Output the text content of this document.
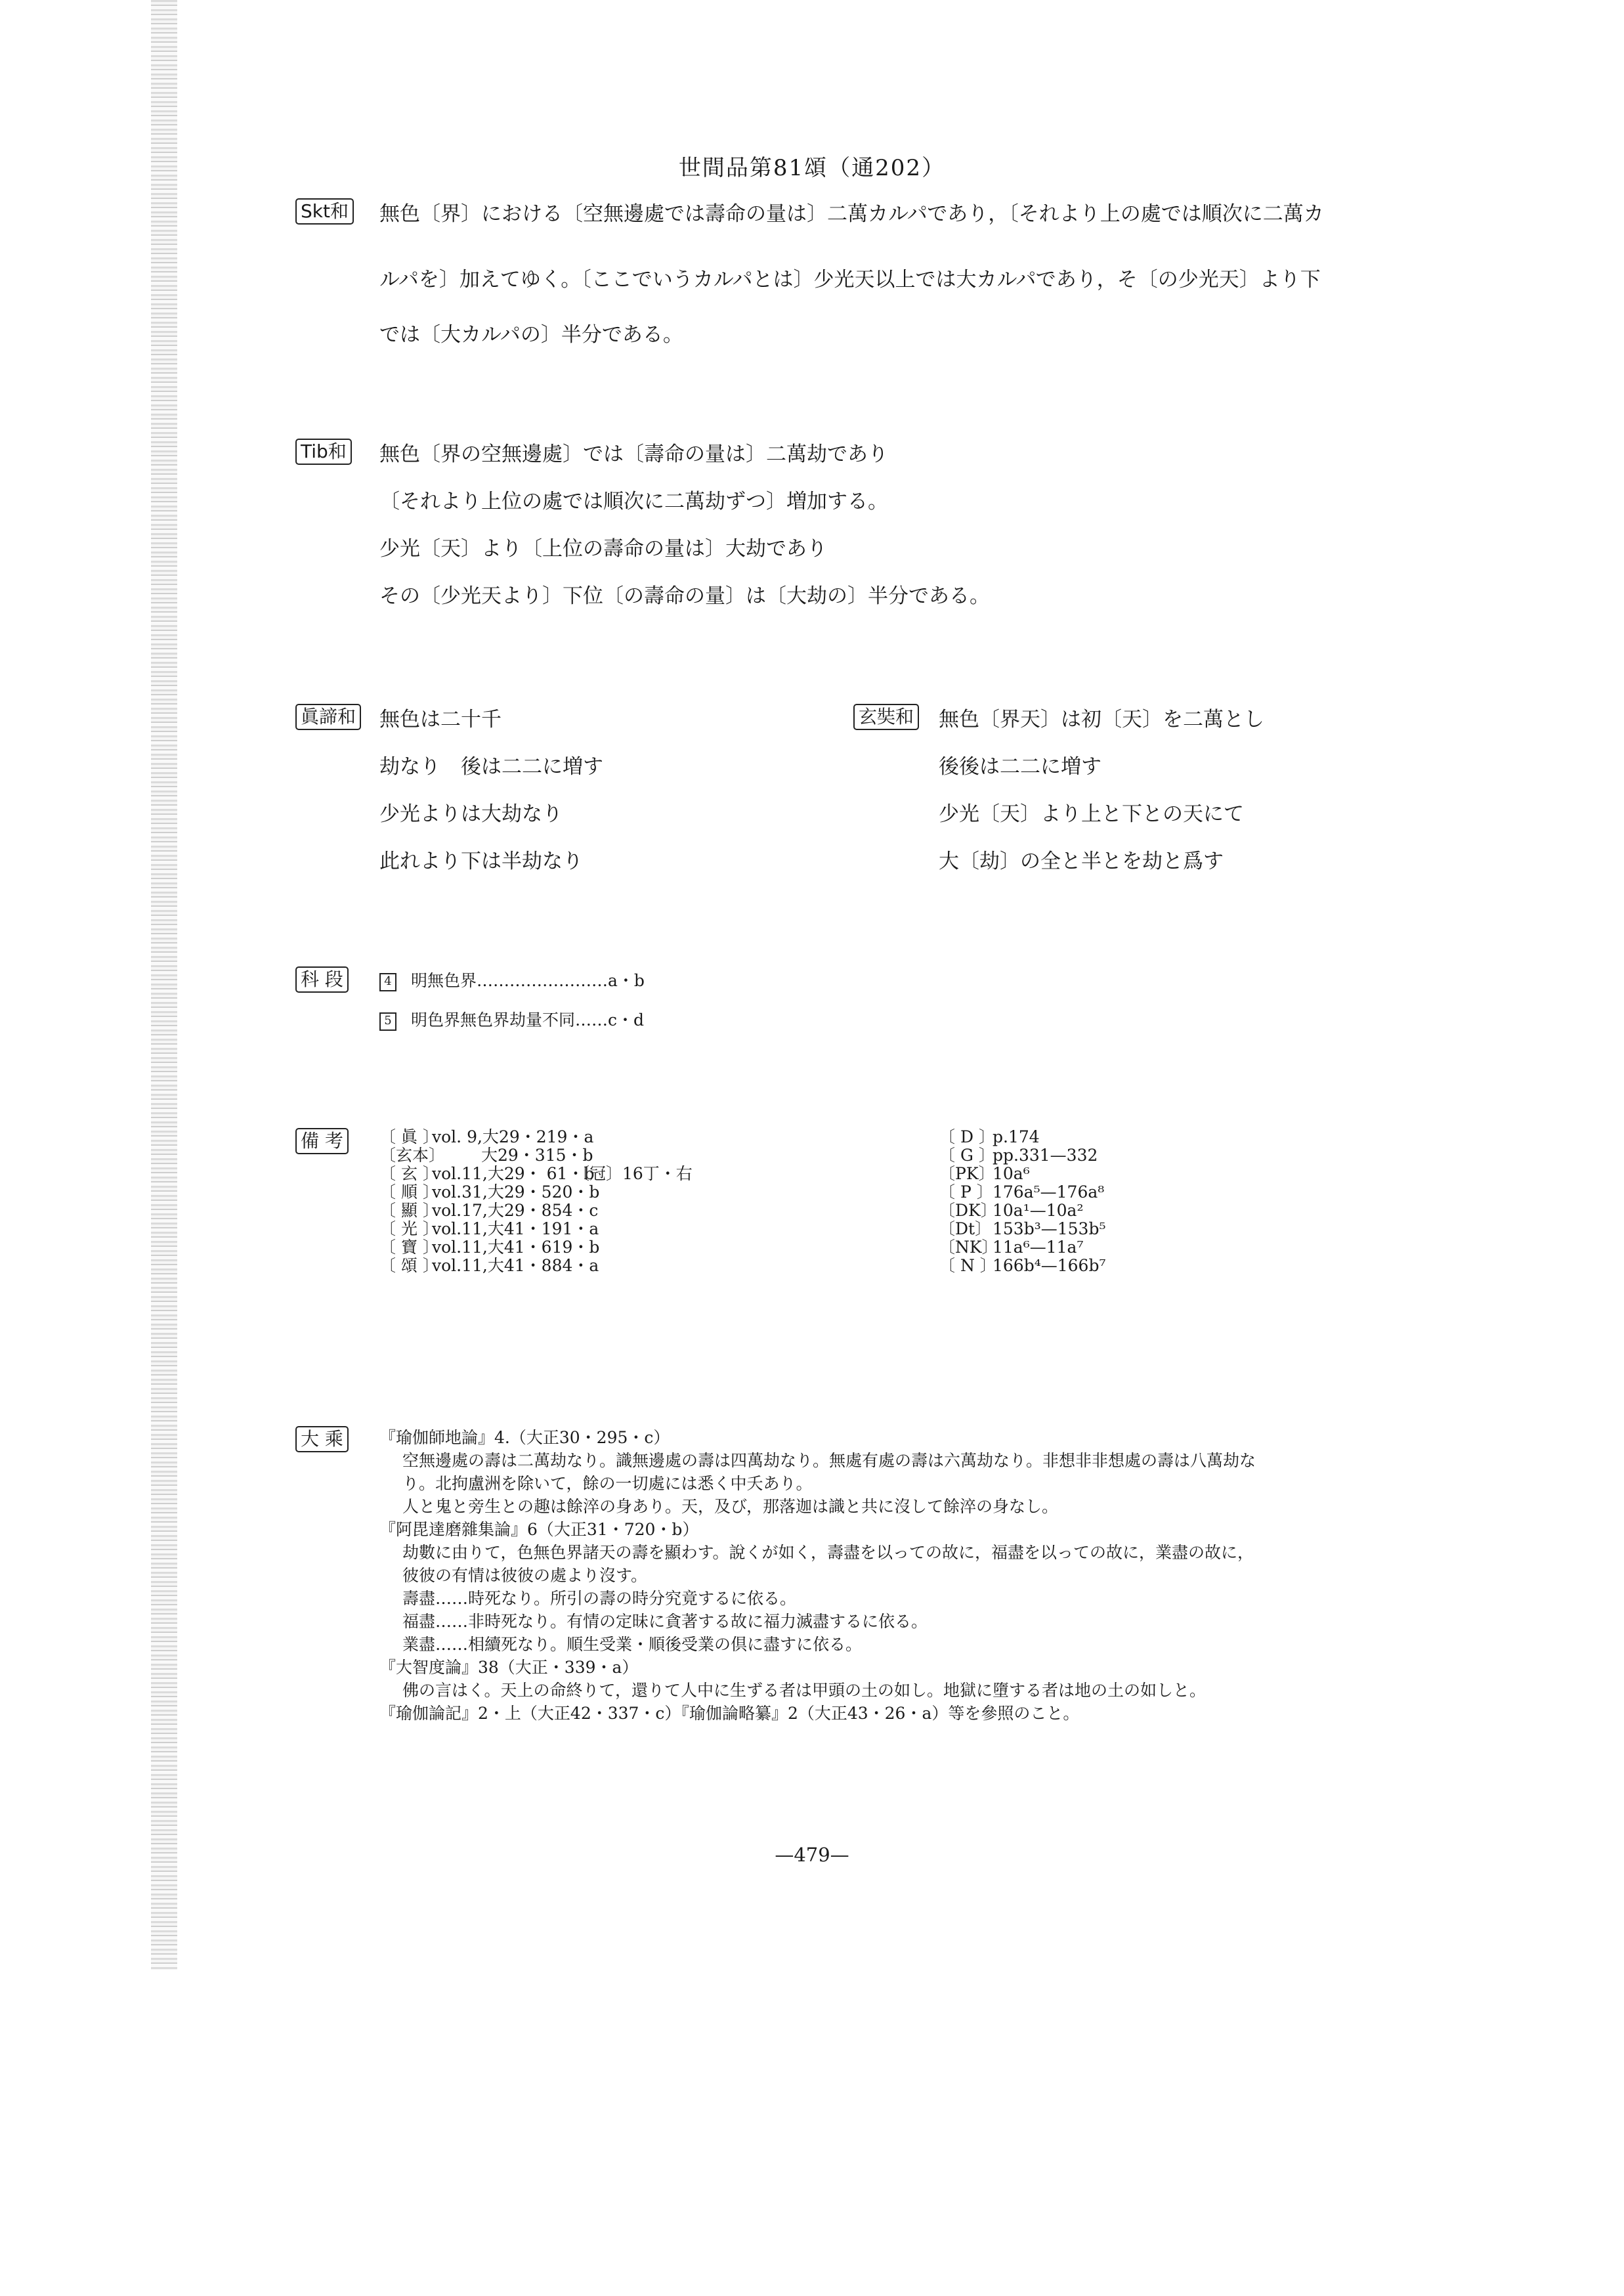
世間品第81頌（通202）
Skt和 無色〔界〕における〔空無邊處では壽命の量は〕二萬カルパであり，〔それより上の處では順次に二萬カ
ルパを〕加えてゆく。〔ここでいうカルパとは〕少光天以上では大カルパであり，そ〔の少光天〕より下
では〔大カルパの〕半分である。
Tib和 無色〔界の空無邊處〕では〔壽命の量は〕二萬劫であり
〔それより上位の處では順次に二萬劫ずつ〕増加する。
少光〔天〕より〔上位の壽命の量は〕大劫であり
その〔少光天より〕下位〔の壽命の量〕は〔大劫の〕半分である。
眞諦和 無色は二十千
劫なり　後は二二に増す
少光よりは大劫なり
此れより下は半劫なり
玄奘和 無色〔界天〕は初〔天〕を二萬とし
後後は二二に増す
少光〔天〕より上と下との天にて
大〔劫〕の全と半とを劫と爲す
科 段	4 明無色界……………………a・b
5 明色界無色界劫量不同……c・d
備 考	〔 眞 〕vol. 9,大29・219・a
〔玄本〕　　　大29・315・b
〔 玄 〕vol.11,大29・ 61・b〔冠〕16丁・右
〔 順 〕vol.31,大29・520・b
〔 顯 〕vol.17,大29・854・c
〔 光 〕vol.11,大41・191・a
〔 寶 〕vol.11,大41・619・b
〔 頌 〕vol.11,大41・884・a
〔 D 〕p.174
〔 G 〕pp.331—332
〔PK〕10a⁶
〔 P 〕176a⁵—176a⁸
〔DK〕10a¹—10a²
〔Dt〕153b³—153b⁵
〔NK〕11a⁶—11a⁷
〔 N 〕166b⁴—166b⁷
大 乘	『瑜伽師地論』4.（大正30・295・c）
空無邊處の壽は二萬劫なり。識無邊處の壽は四萬劫なり。無處有處の壽は六萬劫なり。非想非非想處の壽は八萬劫な
り。北拘盧洲を除いて，餘の一切處には悉く中夭あり。
人と鬼と旁生との趣は餘淬の身あり。天，及び，那落迦は識と共に沒して餘淬の身なし。
『阿毘達磨雜集論』6（大正31・720・b）
劫數に由りて，色無色界諸天の壽を顯わす。說くが如く，壽盡を以っての故に，福盡を以っての故に，業盡の故に，
彼彼の有情は彼彼の處より沒す。
壽盡……時死なり。所引の壽の時分究竟するに依る。
福盡……非時死なり。有情の定昧に貪著する故に福力滅盡するに依る。
業盡……相續死なり。順生受業・順後受業の倶に盡すに依る。
『大智度論』38（大正・339・a）
佛の言はく。天上の命終りて，還りて人中に生ずる者は甲頭の土の如し。地獄に墮する者は地の土の如しと。
『瑜伽論記』2・上（大正42・337・c）『瑜伽論略纂』2（大正43・26・a）等を參照のこと。
—479—
